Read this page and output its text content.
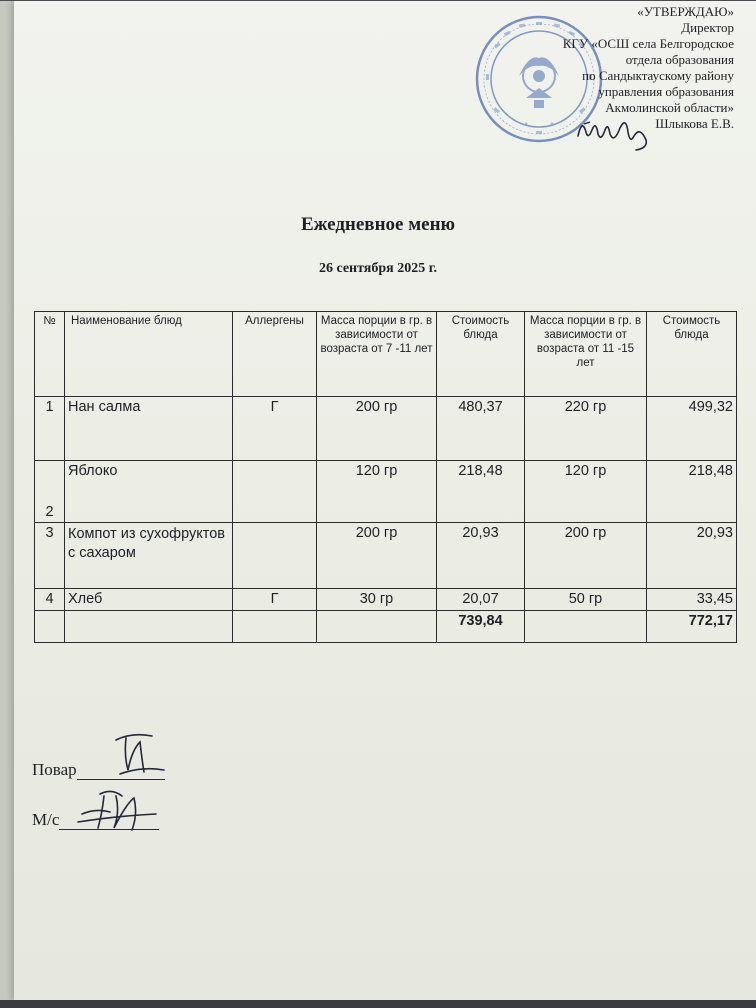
«УТВЕРЖДАЮ»
Директор
КГУ «ОСШ села Белгородское
отдела образования
по Сандыктаускому району
управления образования
Акмолинской области»
Шлыкова Е.В.
Ежедневное меню
26 сентября 2025 г.
№	Наименование блюд	Аллергены	Масса порции в гр. в зависимости от возраста от 7 -11 лет	Стоимость блюда	Масса порции в гр. в зависимости от возраста от 11 -15 лет	Стоимость блюда
1	Нан салма	Г	200 гр	480,37	220 гр	499,32
2	Яблоко		120 гр	218,48	120 гр	218,48
3	Компот из сухофруктов с сахаром		200 гр	20,93	200 гр	20,93
4	Хлеб	Г	30 гр	20,07	50 гр	33,45
				739,84		772,17
Повар
М/с
